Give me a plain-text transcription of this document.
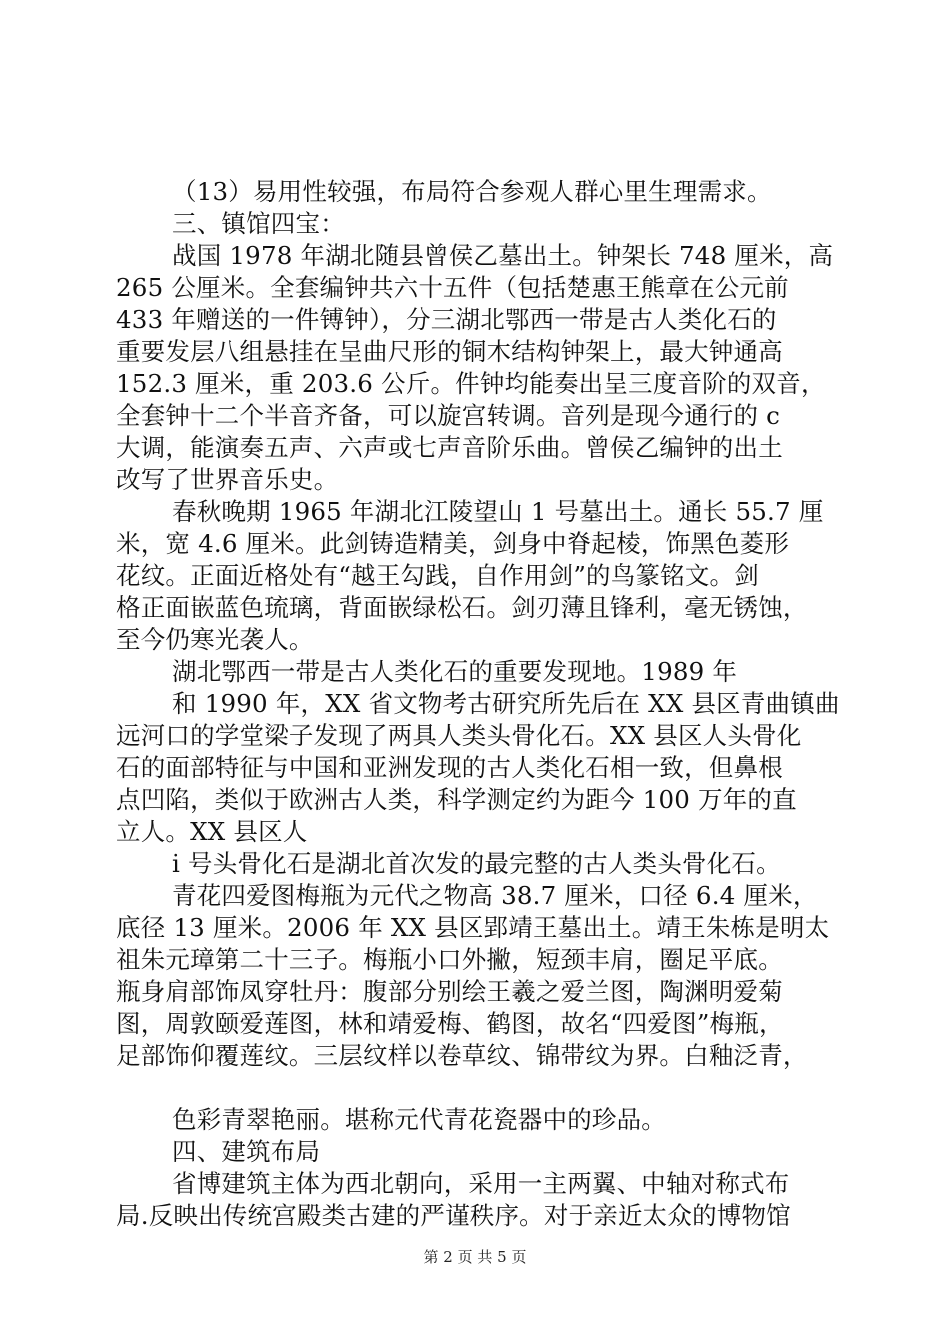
（13）易用性较强，布局符合参观人群心里生理需求。
三、镇馆四宝：
战国 1978 年湖北随县曾侯乙墓出土。钟架长 748 厘米，高
265 公厘米。全套编钟共六十五件（包括楚惠王熊章在公元前
433 年赠送的一件镈钟），分三湖北鄂西一带是古人类化石的
重要发层八组悬挂在呈曲尺形的铜木结构钟架上，最大钟通高
152.3 厘米，重 203.6 公斤。件钟均能奏出呈三度音阶的双音，
全套钟十二个半音齐备，可以旋宫转调。音列是现今通行的 c
大调，能演奏五声、六声或七声音阶乐曲。曾侯乙编钟的出土
改写了世界音乐史。
春秋晚期 1965 年湖北江陵望山 1 号墓出土。通长 55.7 厘
米，宽 4.6 厘米。此剑铸造精美，剑身中脊起棱，饰黑色菱形
花纹。正面近格处有“越王勾践，自作用剑”的鸟篆铭文。剑
格正面嵌蓝色琉璃，背面嵌绿松石。剑刃薄且锋利，毫无锈蚀，
至今仍寒光袭人。
湖北鄂西一带是古人类化石的重要发现地。1989 年
和 1990 年，XX 省文物考古研究所先后在 XX 县区青曲镇曲
远河口的学堂梁子发现了两具人类头骨化石。XX 县区人头骨化
石的面部特征与中国和亚洲发现的古人类化石相一致，但鼻根
点凹陷，类似于欧洲古人类，科学测定约为距今 100 万年的直
立人。XX 县区人
i 号头骨化石是湖北首次发的最完整的古人类头骨化石。
青花四爱图梅瓶为元代之物高 38.7 厘米，口径 6.4 厘米，
底径 13 厘米。2006 年 XX 县区郢靖王墓出土。靖王朱栋是明太
祖朱元璋第二十三子。梅瓶小口外撇，短颈丰肩，圈足平底。
瓶身肩部饰凤穿牡丹：腹部分别绘王羲之爱兰图，陶渊明爱菊
图，周敦颐爱莲图，林和靖爱梅、鹤图，故名“四爱图”梅瓶，
足部饰仰覆莲纹。三层纹样以卷草纹、锦带纹为界。白釉泛青，
色彩青翠艳丽。堪称元代青花瓷器中的珍品。
四、建筑布局
省博建筑主体为西北朝向，采用一主两翼、中轴对称式布
局.反映出传统宫殿类古建的严谨秩序。对于亲近太众的博物馆
第 2 页 共 5 页
